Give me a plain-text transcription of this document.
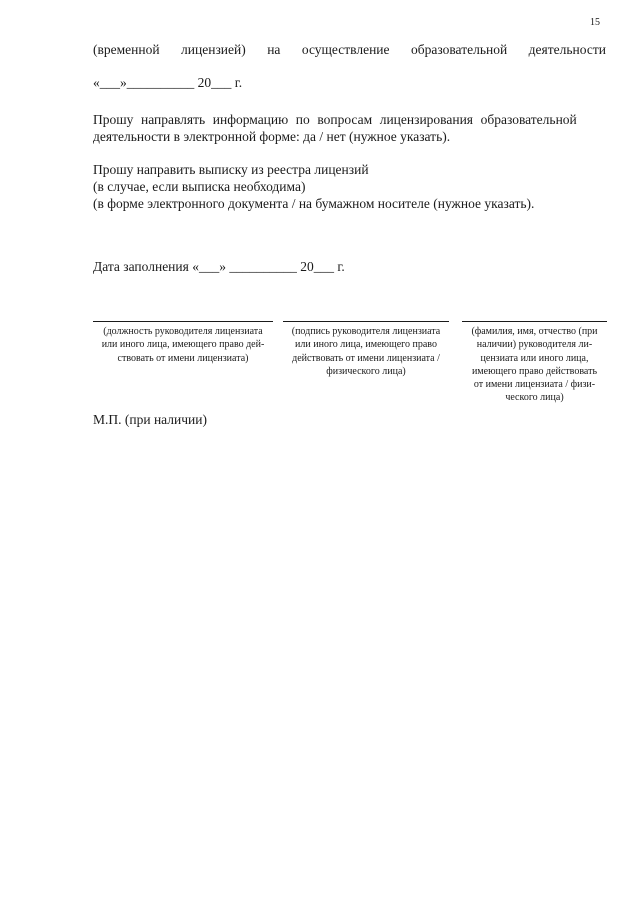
15
(временной лицензией) на осуществление образовательной деятельности
«___»__________ 20___ г.
Прошу направлять информацию по вопросам лицензирования образовательной
деятельности в электронной форме: да / нет (нужное указать).
Прошу направить выписку из реестра лицензий
(в случае, если выписка необходима)
(в форме электронного документа / на бумажном носителе (нужное указать).
Дата заполнения «___» __________ 20___ г.
(должность руководителя лицензиата
или иного лица, имеющего право дей-
ствовать от имени лицензиата)
(подпись руководителя лицензиата
или иного лица, имеющего право
действовать от имени лицензиата /
физического лица)
(фамилия, имя, отчество (при
наличии) руководителя ли-
цензиата или иного лица,
имеющего право действовать
от имени лицензиата / физи-
ческого лица)
М.П. (при наличии)
